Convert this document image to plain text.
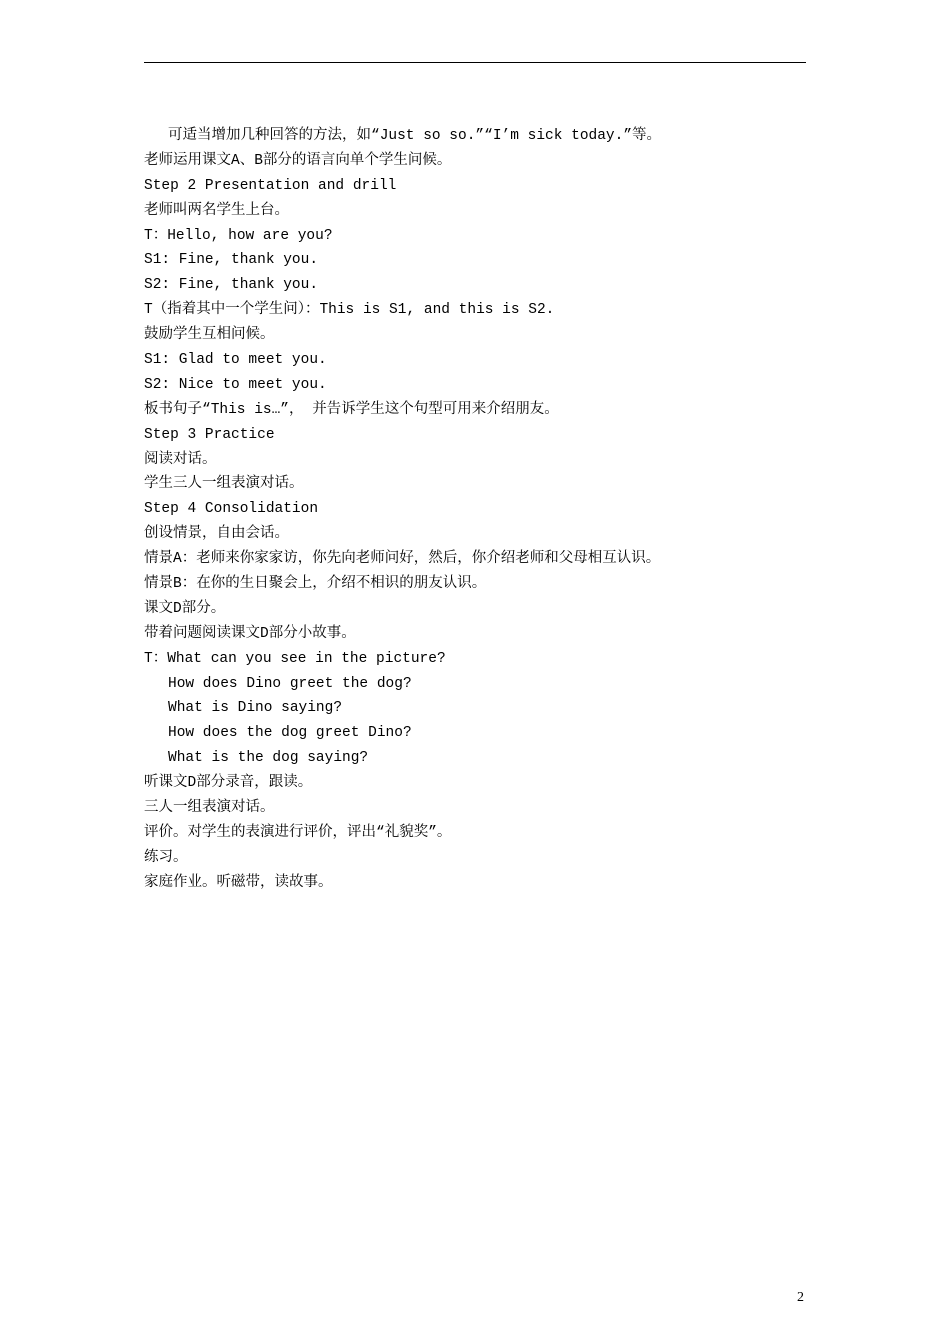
可适当增加几种回答的方法，如“Just so so.”“I’m sick today.”等。
老师运用课文A、B部分的语言向单个学生问候。
Step 2 Presentation and drill
老师叫两名学生上台。
T：Hello, how are you?
S1: Fine, thank you.
S2: Fine, thank you.
T（指着其中一个学生问）：This is S1, and this is S2.
鼓励学生互相问候。
S1: Glad to meet you.
S2: Nice to meet you.
板书句子“This is…”， 并告诉学生这个句型可用来介绍朋友。
Step 3 Practice
阅读对话。
学生三人一组表演对话。
Step 4 Consolidation
创设情景，自由会话。
情景A：老师来你家家访，你先向老师问好，然后，你介绍老师和父母相互认识。
情景B：在你的生日聚会上，介绍不相识的朋友认识。
课文D部分。
带着问题阅读课文D部分小故事。
T：What can you see in the picture?
How does Dino greet the dog?
What is Dino saying?
How does the dog greet Dino?
What is the dog saying?
听课文D部分录音，跟读。
三人一组表演对话。
评价。对学生的表演进行评价，评出“礼貌奖”。
练习。
家庭作业。听磁带，读故事。
2
